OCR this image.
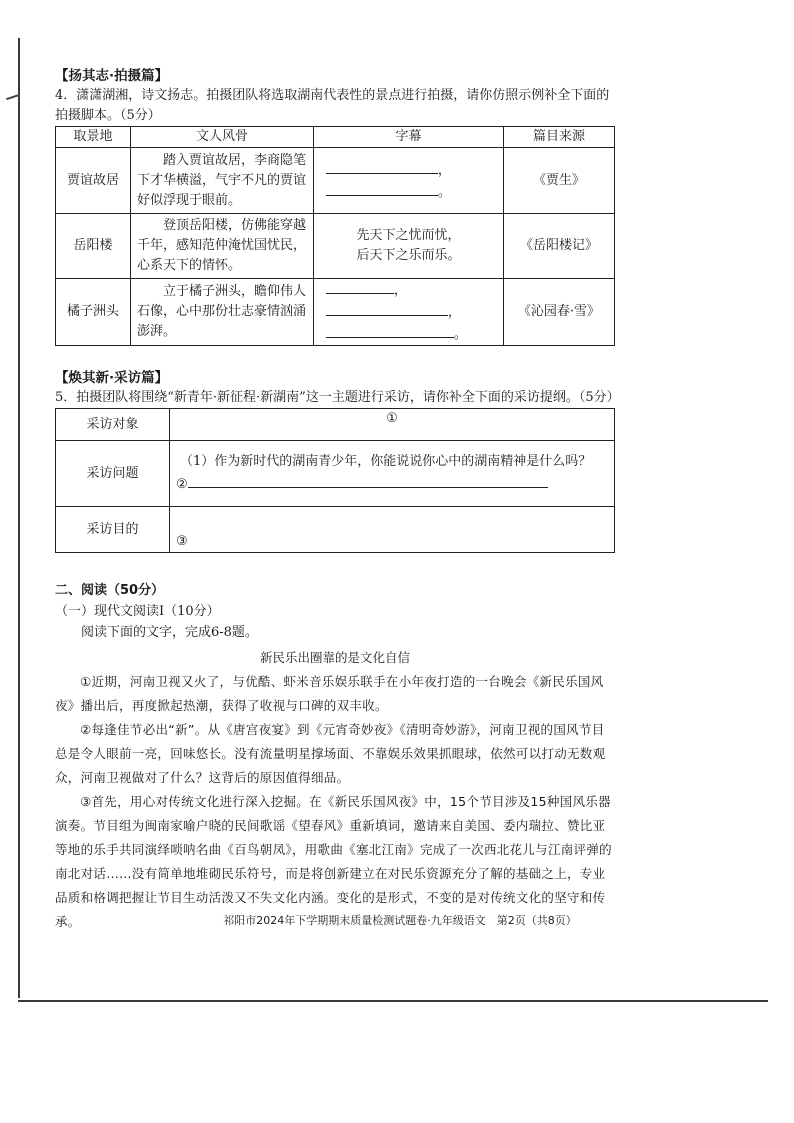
【扬其志·拍摄篇】

4．潇潇湖湘，诗文扬志。拍摄团队将选取湖南代表性的景点进行拍摄，请你仿照示例补全下面的拍摄脚本。（5分）

取景地	文人风骨	字幕	篇目来源
贾谊故居	踏入贾谊故居，李商隐笔下才华横溢，气宇不凡的贾谊好似浮现于眼前。	，
。	《贾生》
岳阳楼	登顶岳阳楼，仿佛能穿越千年，感知范仲淹忧国忧民，心系天下的情怀。	先天下之忧而忧，
后天下之乐而乐。	《岳阳楼记》
橘子洲头	立于橘子洲头，瞻仰伟人石像，心中那份壮志豪情汹涌澎湃。	，
，
。	《沁园春·雪》

【焕其新·采访篇】

5．拍摄团队将围绕“新青年·新征程·新湖南”这一主题进行采访，请你补全下面的采访提纲。（5分）

采访对象	①
采访问题	（1）作为新时代的湖南青少年，你能说说你心中的湖南精神是什么吗？
②

采访目的	③

二、阅读（50分）

（一）现代文阅读Ⅰ（10分）

阅读下面的文字，完成6-8题。

新民乐出圈靠的是文化自信

①近期，河南卫视又火了，与优酷、虾米音乐娱乐联手在小年夜打造的一台晚会《新民乐国风夜》播出后，再度掀起热潮，获得了收视与口碑的双丰收。

②每逢佳节必出“新”。从《唐宫夜宴》到《元宵奇妙夜》《清明奇妙游》，河南卫视的国风节目总是令人眼前一亮，回味悠长。没有流量明星撑场面、不靠娱乐效果抓眼球，依然可以打动无数观众，河南卫视做对了什么？这背后的原因值得细品。

③首先，用心对传统文化进行深入挖掘。在《新民乐国风夜》中，15个节目涉及15种国风乐器演奏。节目组为闽南家喻户晓的民间歌谣《望春风》重新填词，邀请来自美国、委内瑞拉、赞比亚等地的乐手共同演绎唢呐名曲《百鸟朝凤》，用歌曲《塞北江南》完成了一次西北花儿与江南评弹的南北对话……没有简单地堆砌民乐符号，而是将创新建立在对民乐资源充分了解的基础之上，专业品质和格调把握让节目生动活泼又不失文化内涵。变化的是形式，不变的是对传统文化的坚守和传承。	祁阳市2024年下学期期末质量检测试题卷·九年级语文　第2页（共8页）
